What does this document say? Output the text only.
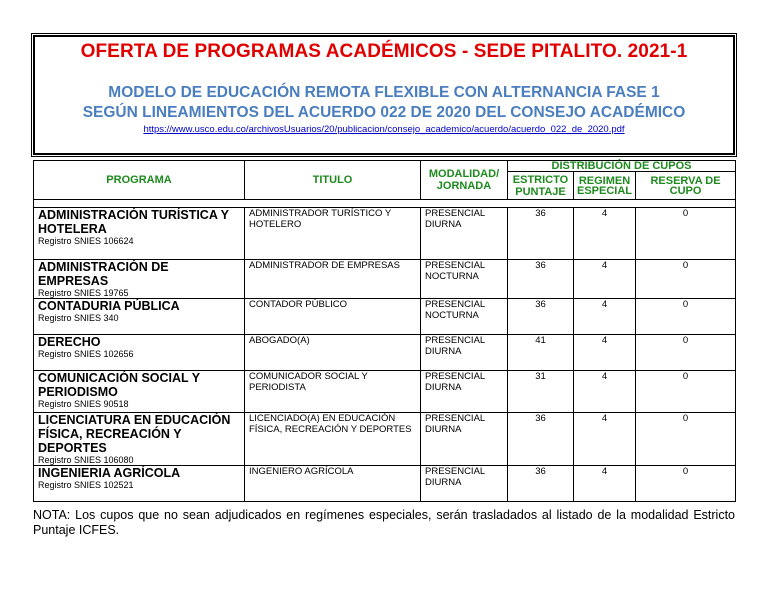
OFERTA DE PROGRAMAS ACADÉMICOS - SEDE PITALITO. 2021-1
MODELO DE EDUCACIÓN REMOTA FLEXIBLE CON ALTERNANCIA FASE 1
SEGÚN LINEAMIENTOS DEL ACUERDO 022 DE 2020 DEL CONSEJO ACADÉMICO
https://www.usco.edu.co/archivosUsuarios/20/publicacion/consejo_academico/acuerdo/acuerdo_022_de_2020.pdf
PROGRAMA	TITULO	MODALIDAD/ JORNADA	DISTRIBUCIÓN DE CUPOS		
			ESTRICTO PUNTAJE	REGIMEN ESPECIAL	RESERVA DE CUPO

ADMINISTRACIÓN TURÍSTICA Y HOTELERA
Registro SNIES 106624	ADMINISTRADOR TURÍSTICO Y HOTELERO	PRESENCIAL DIURNA	36	4	0

ADMINISTRACIÓN DE EMPRESAS
Registro SNIES 19765	ADMINISTRADOR DE EMPRESAS	PRESENCIAL NOCTURNA	36	4	0

CONTADURIA PÚBLICA
Registro SNIES 340	CONTADOR PÚBLICO	PRESENCIAL NOCTURNA	36	4	0

DERECHO
Registro SNIES 102656	ABOGADO(A)	PRESENCIAL DIURNA	41	4	0

COMUNICACIÓN SOCIAL Y PERIODISMO
Registro SNIES 90518	COMUNICADOR SOCIAL Y PERIODISTA	PRESENCIAL DIURNA	31	4	0

LICENCIATURA EN EDUCACIÓN FÍSICA, RECREACIÓN Y DEPORTES
Registro SNIES 106080	LICENCIADO(A) EN EDUCACIÓN FÍSICA, RECREACIÓN Y DEPORTES	PRESENCIAL DIURNA	36	4	0

INGENIERIA AGRÍCOLA
Registro SNIES 102521	INGENIERO AGRÍCOLA	PRESENCIAL DIURNA	36	4	0
NOTA: Los cupos que no sean adjudicados en regímenes especiales, serán trasladados al listado de la modalidad Estricto Puntaje ICFES.
